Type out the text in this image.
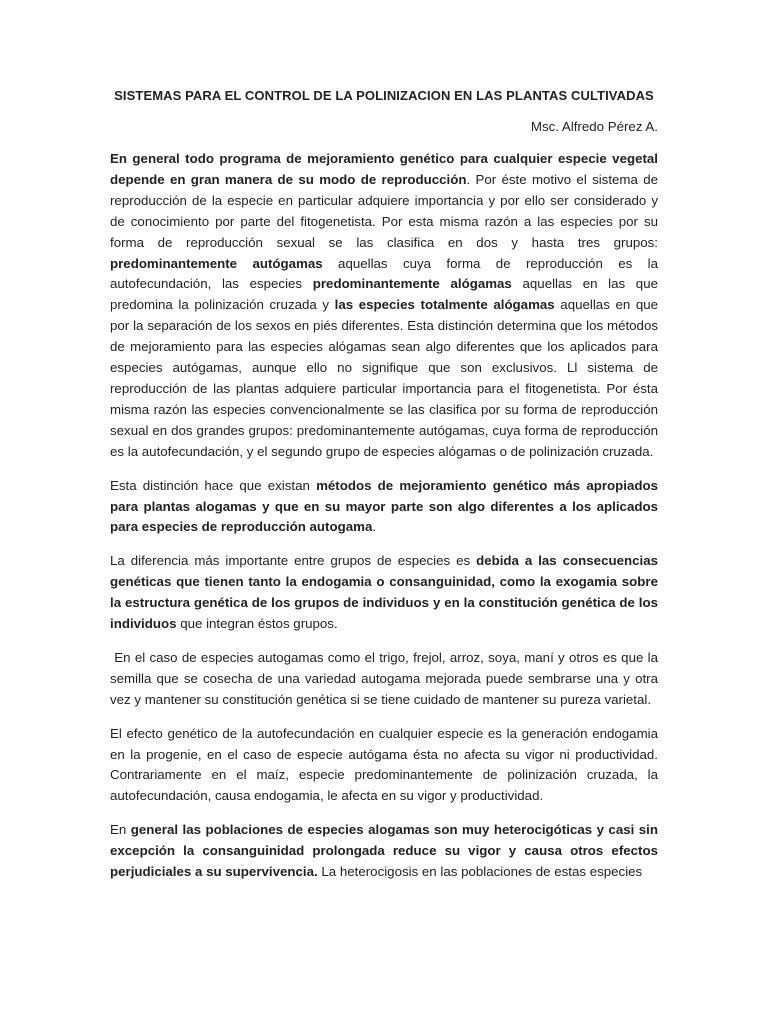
SISTEMAS PARA EL CONTROL DE LA POLINIZACION EN LAS PLANTAS CULTIVADAS
Msc. Alfredo Pérez A.

En general todo programa de mejoramiento genético para cualquier especie vegetal depende en gran manera de su modo de reproducción. Por éste motivo el sistema de reproducción de la especie en particular adquiere importancia y por ello ser considerado y de conocimiento por parte del fitogenetista. Por esta misma razón a las especies por su forma de reproducción sexual se las clasifica en dos y hasta tres grupos: predominantemente autógamas aquellas cuya forma de reproducción es la autofecundación, las especies predominantemente alógamas aquellas en las que predomina la polinización cruzada y las especies totalmente alógamas aquellas en que por la separación de los sexos en piés diferentes. Esta distinción determina que los métodos de mejoramiento para las especies alógamas sean algo diferentes que los aplicados para especies autógamas, aunque ello no signifique que son exclusivos. Ll sistema de reproducción de las plantas adquiere particular importancia para el fitogenetista. Por ésta misma razón las especies convencionalmente se las clasifica por su forma de reproducción sexual en dos grandes grupos: predominantemente autógamas, cuya forma de reproducción es la autofecundación, y el segundo grupo de especies alógamas o de polinización cruzada.

Esta distinción hace que existan métodos de mejoramiento genético más apropiados para plantas alogamas y que en su mayor parte son algo diferentes a los aplicados para especies de reproducción autogama.

La diferencia más importante entre grupos de especies es debida a las consecuencias genéticas que tienen tanto la endogamia o consanguinidad, como la exogamia sobre la estructura genética de los grupos de individuos y en la constitución genética de los individuos que integran éstos grupos.

En el caso de especies autogamas como el trigo, frejol, arroz, soya, maní y otros es que la semilla que se cosecha de una variedad autogama mejorada puede sembrarse una y otra vez y mantener su constitución genética si se tiene cuidado de mantener su pureza varietal.

El efecto genético de la autofecundación en cualquier especie es la generación endogamia en la progenie, en el caso de especie autógama ésta no afecta su vigor ni productividad. Contrariamente en el maíz, especie predominantemente de polinización cruzada, la autofecundación, causa endogamia, le afecta en su vigor y productividad.

En general las poblaciones de especies alogamas son muy heterocigóticas y casi sin excepción la consanguinidad prolongada reduce su vigor y causa otros efectos perjudiciales a su supervivencia. La heterocigosis en las poblaciones de estas especies
